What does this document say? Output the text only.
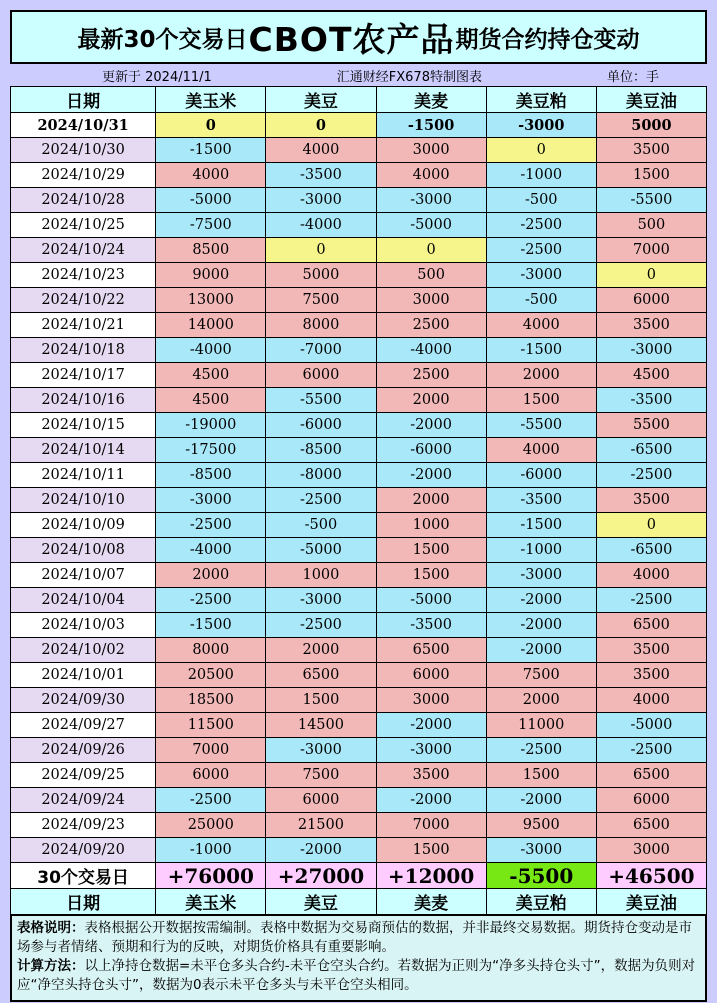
最新30个交易日 CBOT农产品 期货合约持仓变动
更新于 2024/11/1	汇通财经FX678特制图表	单位：手
日期	美玉米	美豆	美麦	美豆粕	美豆油
2024/10/31	0	0	-1500	-3000	5000
2024/10/30	-1500	4000	3000	0	3500
2024/10/29	4000	-3500	4000	-1000	1500
2024/10/28	-5000	-3000	-3000	-500	-5500
2024/10/25	-7500	-4000	-5000	-2500	500
2024/10/24	8500	0	0	-2500	7000
2024/10/23	9000	5000	500	-3000	0
2024/10/22	13000	7500	3000	-500	6000
2024/10/21	14000	8000	2500	4000	3500
2024/10/18	-4000	-7000	-4000	-1500	-3000
2024/10/17	4500	6000	2500	2000	4500
2024/10/16	4500	-5500	2000	1500	-3500
2024/10/15	-19000	-6000	-2000	-5500	5500
2024/10/14	-17500	-8500	-6000	4000	-6500
2024/10/11	-8500	-8000	-2000	-6000	-2500
2024/10/10	-3000	-2500	2000	-3500	3500
2024/10/09	-2500	-500	1000	-1500	0
2024/10/08	-4000	-5000	1500	-1000	-6500
2024/10/07	2000	1000	1500	-3000	4000
2024/10/04	-2500	-3000	-5000	-2000	-2500
2024/10/03	-1500	-2500	-3500	-2000	6500
2024/10/02	8000	2000	6500	-2000	3500
2024/10/01	20500	6500	6000	7500	3500
2024/09/30	18500	1500	3000	2000	4000
2024/09/27	11500	14500	-2000	11000	-5000
2024/09/26	7000	-3000	-3000	-2500	-2500
2024/09/25	6000	7500	3500	1500	6500
2024/09/24	-2500	6000	-2000	-2000	6000
2024/09/23	25000	21500	7000	9500	6500
2024/09/20	-1000	-2000	1500	-3000	3000
30个交易日	+76000	+27000	+12000	-5500	+46500
日期	美玉米	美豆	美麦	美豆粕	美豆油
表格说明：表格根据公开数据按需编制。表格中数据为交易商预估的数据，并非最终交易数据。期货持仓变动是市场参与者情绪、预期和行为的反映，对期货价格具有重要影响。
计算方法：以上净持仓数据=未平仓多头合约-未平仓空头合约。若数据为正则为“净多头持仓头寸”，数据为负则对应“净空头持仓头寸”，数据为0表示未平仓多头与未平仓空头相同。
